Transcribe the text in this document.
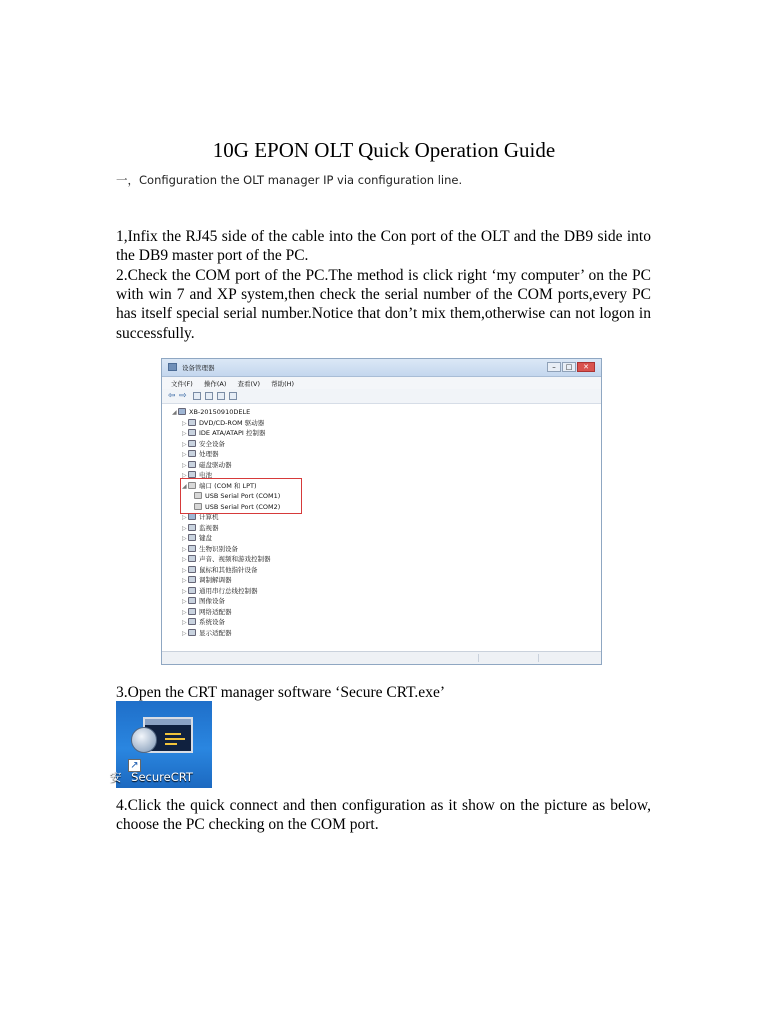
10G EPON OLT Quick Operation Guide
一，Configuration the OLT manager IP via configuration line.
1,Infix the RJ45 side of the cable into the Con port of the OLT and the DB9 side into the DB9 master port of the PC.
2.Check the COM port of the PC.The method is click right ‘my computer’ on the PC with win 7 and XP system,then check the serial number of the COM ports,every PC has itself special serial number.Notice that don’t mix them,otherwise can not logon in successfully.
设备管理器	– □ ✕
文件(F) 操作(A) 查看(V) 帮助(H)
⇦ ⇨
◢ XB-20150910DELE
▷ DVD/CD-ROM 驱动器
▷ IDE ATA/ATAPI 控制器
▷ 安全设备
▷ 处理器
▷ 磁盘驱动器
▷ 电池
◢ 端口 (COM 和 LPT)
USB Serial Port (COM1)
USB Serial Port (COM2)
▷ 计算机
▷ 监视器
▷ 键盘
▷ 生物识别设备
▷ 声音、视频和游戏控制器
▷ 鼠标和其他指针设备
▷ 调制解调器
▷ 通用串行总线控制器
▷ 图像设备
▷ 网络适配器
▷ 系统设备
▷ 显示适配器
3.Open the CRT manager software ‘Secure CRT.exe’
↗
安 SecureCRT
4.Click the quick connect and then configuration as it show on the picture as below, choose the PC checking on the COM port.
